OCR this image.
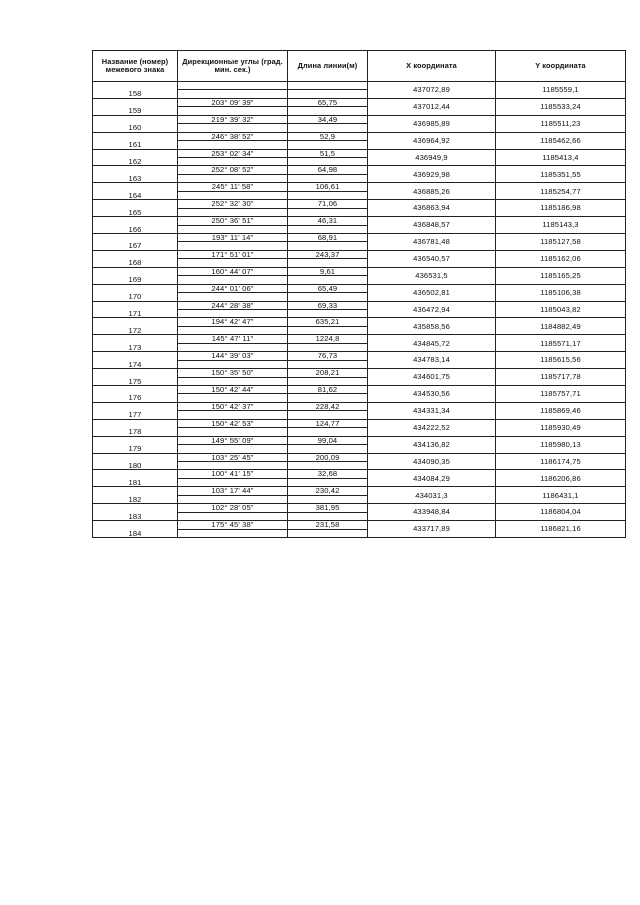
Название (номер) межевого знака	Дирекционные углы (град. мин. сек.)	Длина линии(м)	X координата	Y координата
158			437072,89	1185559,1

159	203° 09' 39"	65,75	437012,44	1185533,24

160	219° 39' 32"	34,49	436985,89	1185511,23

161	246° 38' 52"	52,9	436964,92	1185462,66

162	253° 02' 34"	51,5	436949,9	1185413,4

163	252° 08' 52"	64,98	436929,98	1185351,55

164	245° 11' 58"	106,61	436885,26	1185254,77

165	252° 32' 30"	71,06	436863,94	1185186,98

166	250° 36' 51"	46,31	436848,57	1185143,3

167	193° 11' 14"	68,91	436781,48	1185127,58

168	171° 51' 01"	243,37	436540,57	1185162,06

169	160° 44' 07"	9,61	436531,5	1185165,25

170	244° 01' 06"	65,49	436502,81	1185106,38

171	244° 28' 38"	69,33	436472,94	1185043,82

172	194° 42' 47"	635,21	435858,56	1184882,49

173	145° 47' 11"	1224,8	434845,72	1185571,17

174	144° 39' 03"	76,73	434783,14	1185615,56

175	150° 35' 50"	208,21	434601,75	1185717,78

176	150° 42' 44"	81,62	434530,56	1185757,71

177	150° 42' 37"	228,42	434331,34	1185869,46

178	150° 42' 53"	124,77	434222,52	1185930,49

179	149° 55' 09"	99,04	434136,82	1185980,13

180	103° 25' 45"	200,09	434090,35	1186174,75

181	100° 41' 15"	32,68	434084,29	1186206,86

182	103° 17' 44"	230,42	434031,3	1186431,1

183	102° 28' 05"	381,95	433948,84	1186804,04

184	175° 45' 38"	231,58	433717,89	1186821,16
